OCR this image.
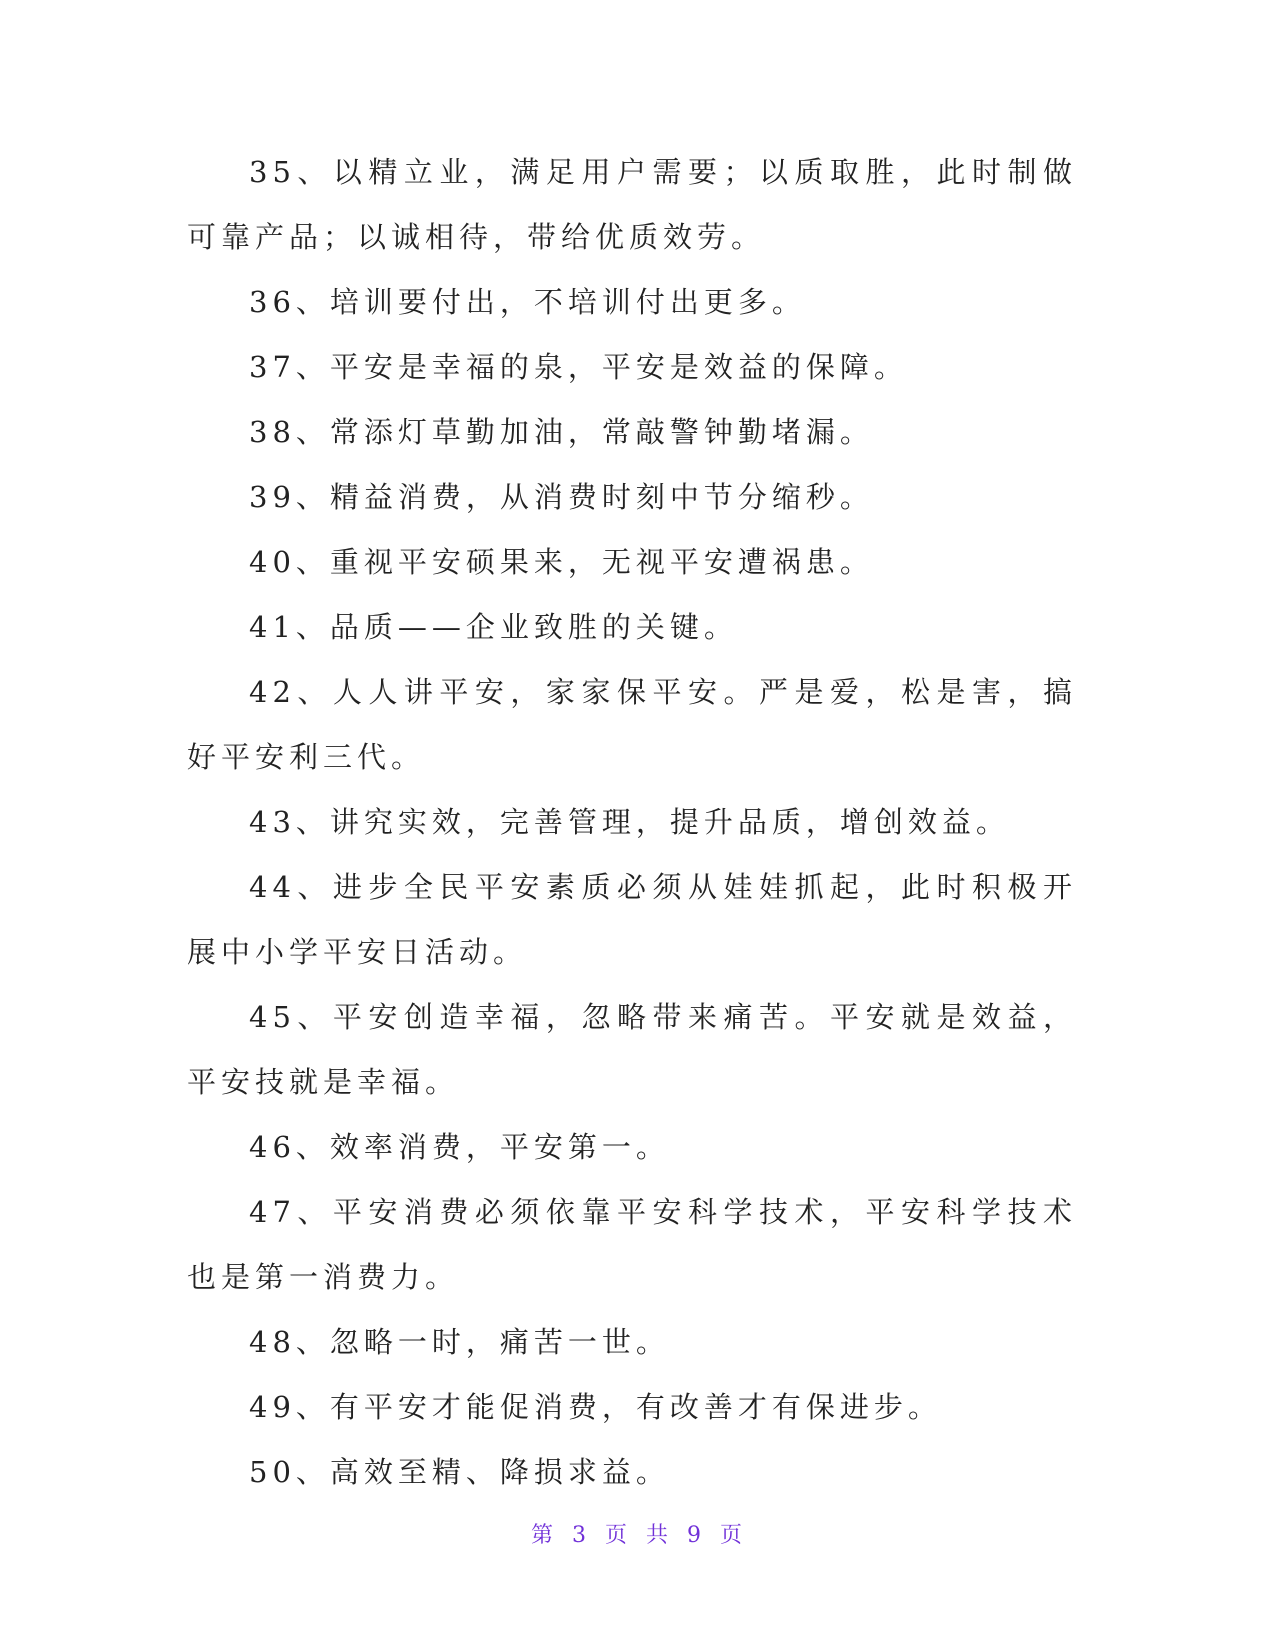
35、以精立业，满足用户需要；以质取胜，此时制做可靠产品；以诚相待，带给优质效劳。

36、培训要付出，不培训付出更多。

37、平安是幸福的泉，平安是效益的保障。

38、常添灯草勤加油，常敲警钟勤堵漏。

39、精益消费，从消费时刻中节分缩秒。

40、重视平安硕果来，无视平安遭祸患。

41、品质——企业致胜的关键。

42、人人讲平安，家家保平安。严是爱，松是害，搞好平安利三代。

43、讲究实效，完善管理，提升品质，增创效益。

44、进步全民平安素质必须从娃娃抓起，此时积极开展中小学平安日活动。

45、平安创造幸福，忽略带来痛苦。平安就是效益，平安技就是幸福。

46、效率消费，平安第一。

47、平安消费必须依靠平安科学技术，平安科学技术也是第一消费力。

48、忽略一时，痛苦一世。

49、有平安才能促消费，有改善才有保进步。

50、高效至精、降损求益。

第 3 页 共 9 页
